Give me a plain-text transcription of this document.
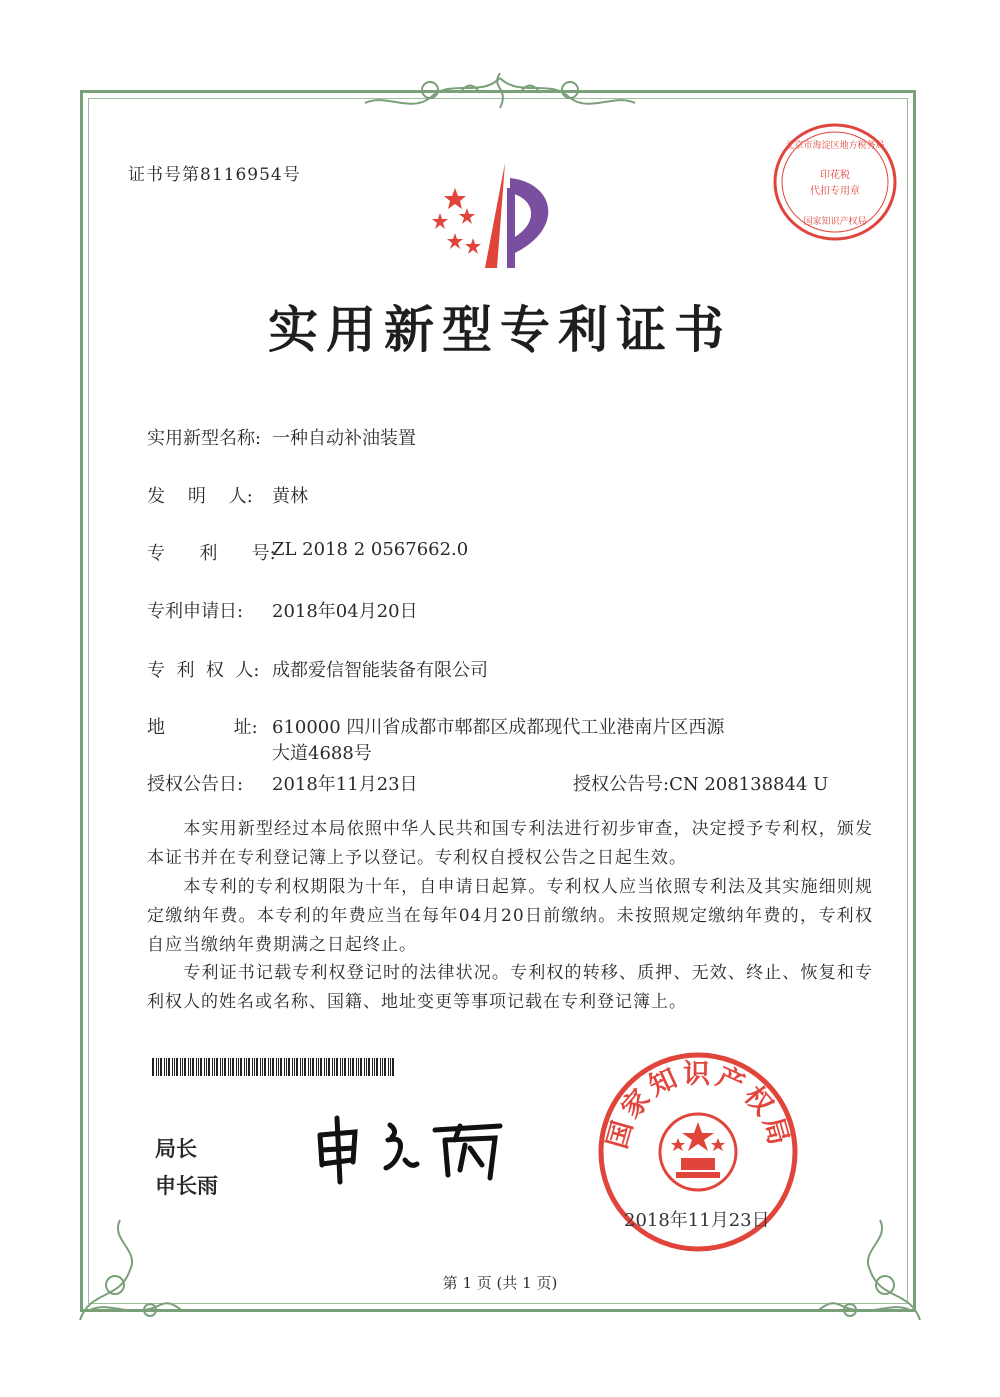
证书号第8116954号
北京市海淀区地方税务局
印花税
代扣专用章
国家知识产权局
实用新型专利证书
实用新型名称: 一种自动补油装置
发    明    人: 黄林
专      利      号:ZL 2018 2 0567662.0
专利申请日: 2018年04月20日
专  利  权  人: 成都爱信智能装备有限公司
地            址: 610000 四川省成都市郫都区成都现代工业港南片区西源
大道4688号
授权公告日: 2018年11月23日	授权公告号:CN 208138844 U
　　本实用新型经过本局依照中华人民共和国专利法进行初步审查，决定授予专利权，颁发本证书并在专利登记簿上予以登记。专利权自授权公告之日起生效。
　　本专利的专利权期限为十年，自申请日起算。专利权人应当依照专利法及其实施细则规定缴纳年费。本专利的年费应当在每年04月20日前缴纳。未按照规定缴纳年费的，专利权自应当缴纳年费期满之日起终止。
　　专利证书记载专利权登记时的法律状况。专利权的转移、质押、无效、终止、恢复和专利权人的姓名或名称、国籍、地址变更等事项记载在专利登记簿上。
局长
申长雨
国家知识产权局
2018年11月23日
第 1 页 (共 1 页)
